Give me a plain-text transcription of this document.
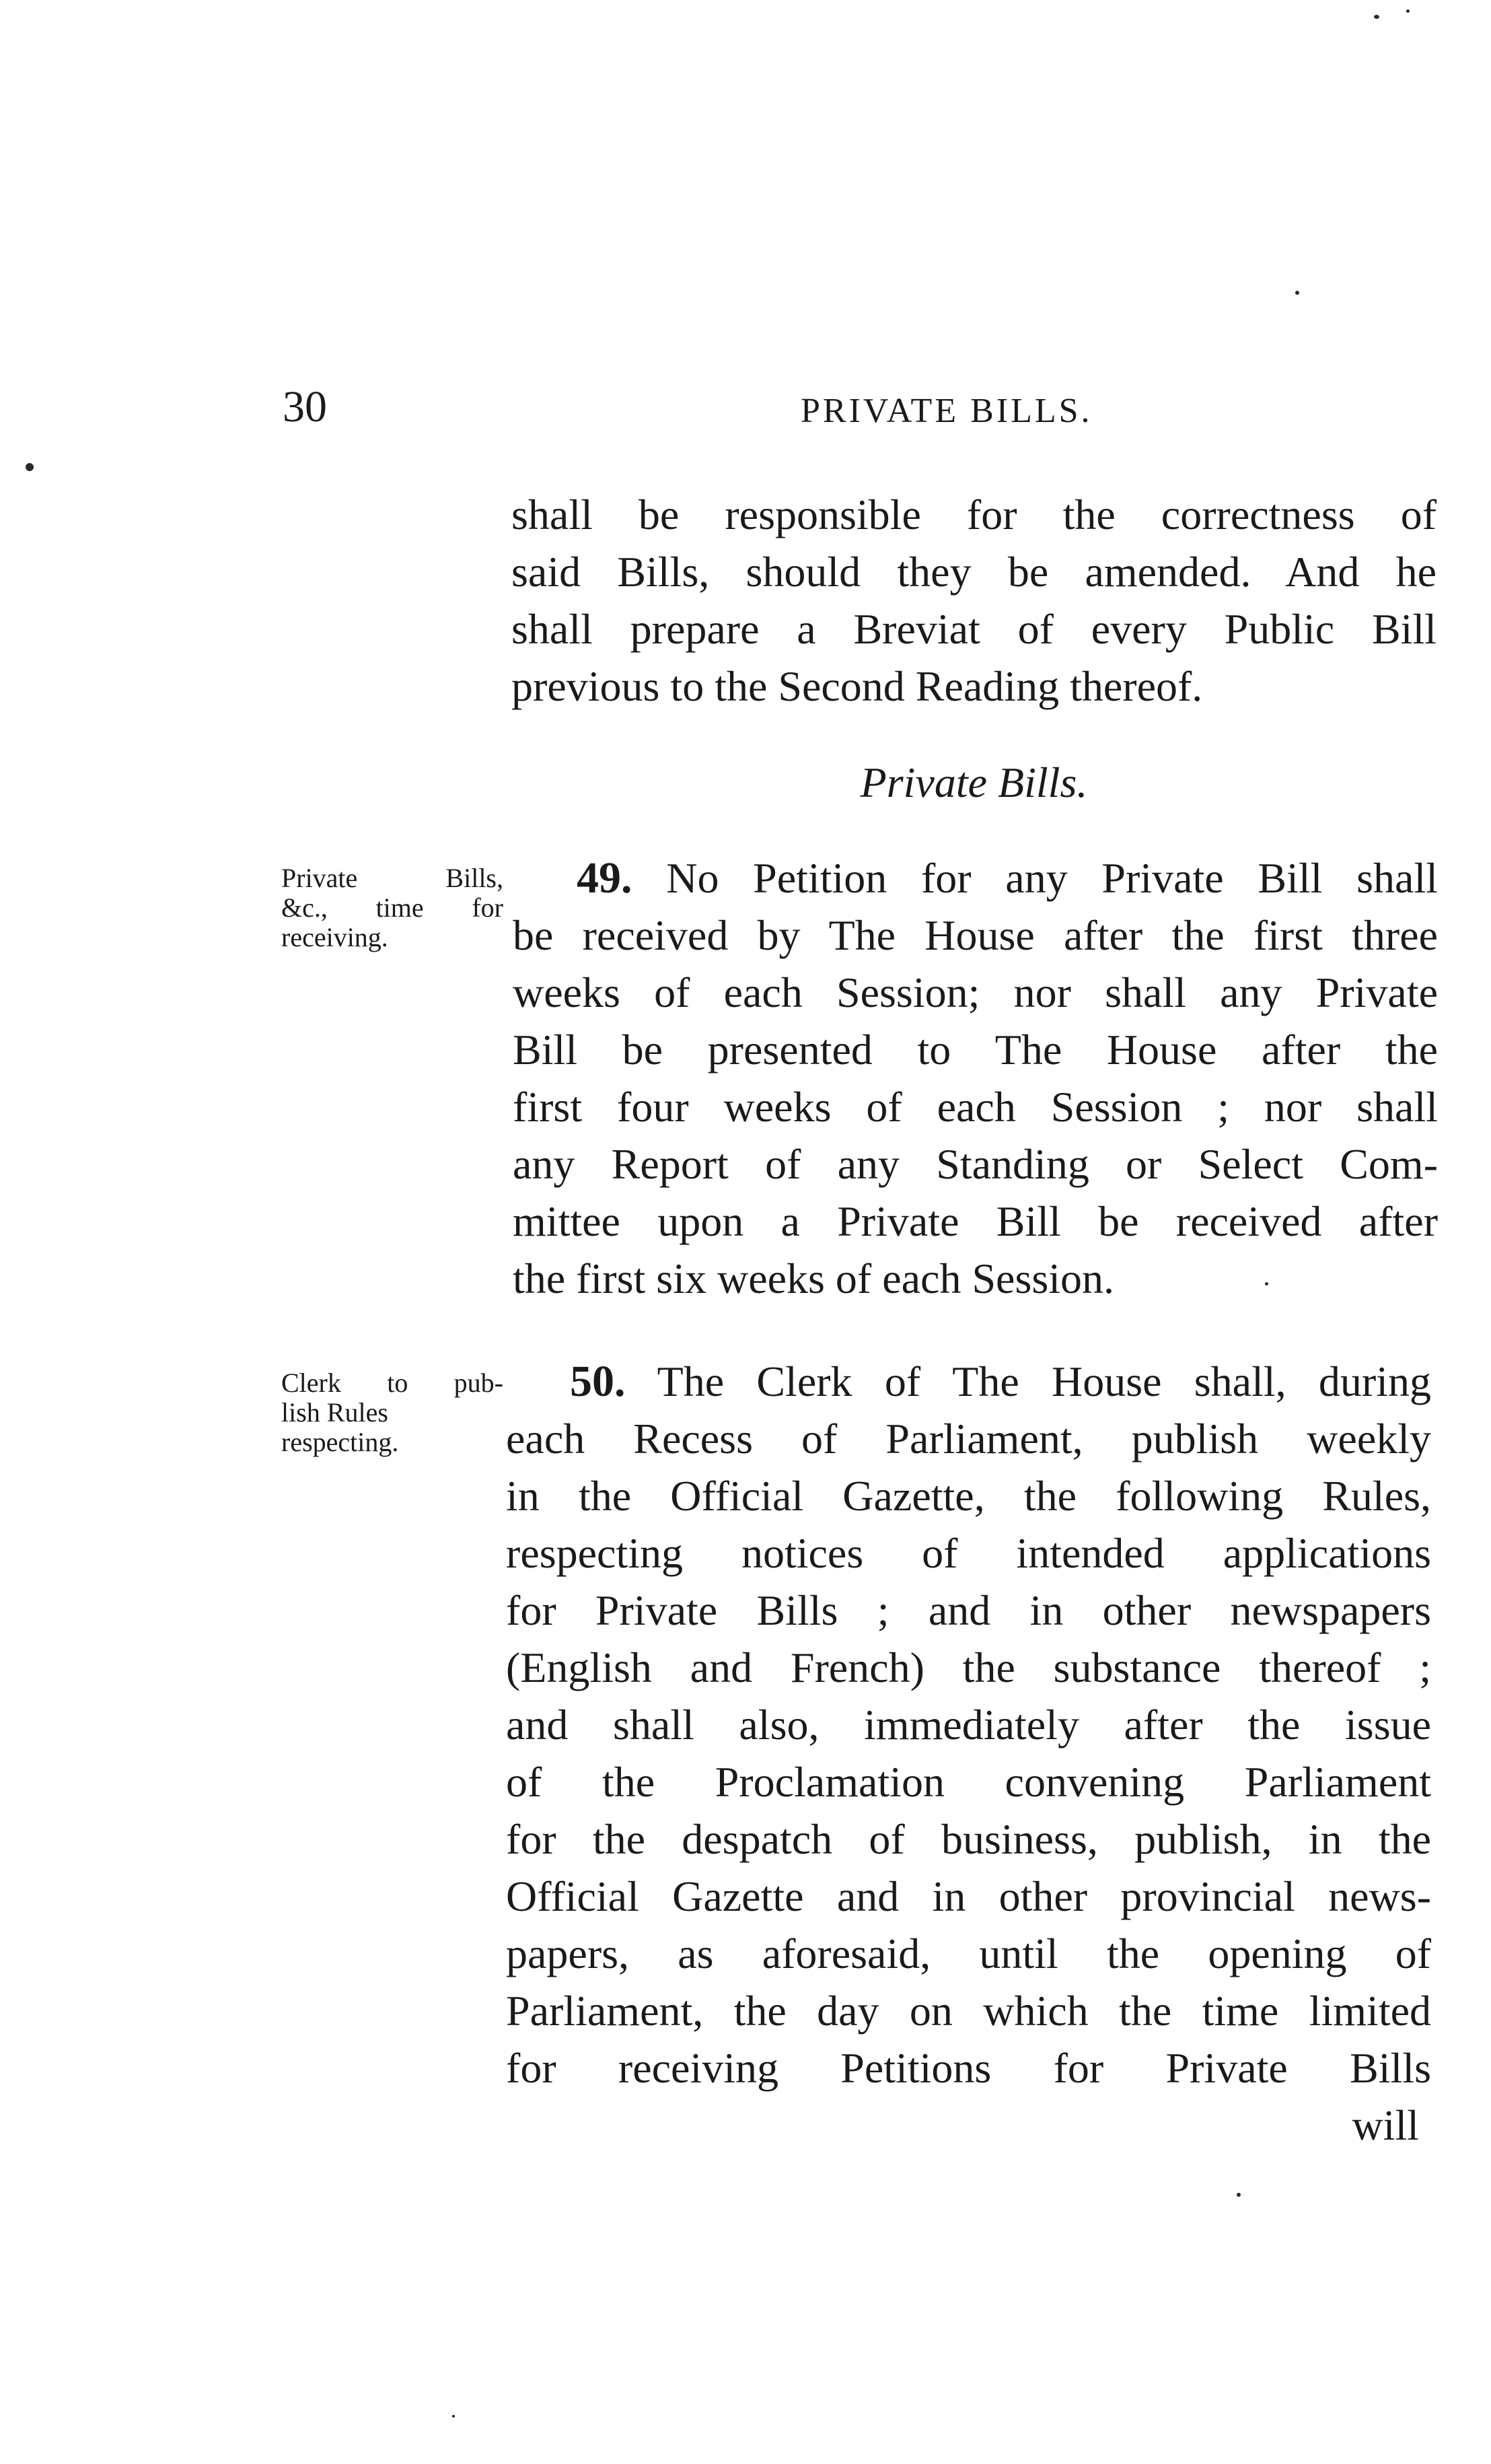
30	PRIVATE BILLS.
shall be responsible for the correctness of
said Bills, should they be amended. And he
shall prepare a Breviat of every Public Bill
previous to the Second Reading thereof.
Private Bills.
Private Bills,
&c., time for
receiving.
49. No Petition for any Private Bill shall
be received by The House after the first three
weeks of each Session; nor shall any Private
Bill be presented to The House after the
first four weeks of each Session ; nor shall
any Report of any Standing or Select Com-
mittee upon a Private Bill be received after
the first six weeks of each Session.
Clerk to pub-
lish Rules
respecting.
50. The Clerk of The House shall, during
each Recess of Parliament, publish weekly
in the Official Gazette, the following Rules,
respecting notices of intended applications
for Private Bills ; and in other newspapers
(English and French) the substance thereof ;
and shall also, immediately after the issue
of the Proclamation convening Parliament
for the despatch of business, publish, in the
Official Gazette and in other provincial news-
papers, as aforesaid, until the opening of
Parliament, the day on which the time limited
for receiving Petitions for Private Bills
will
